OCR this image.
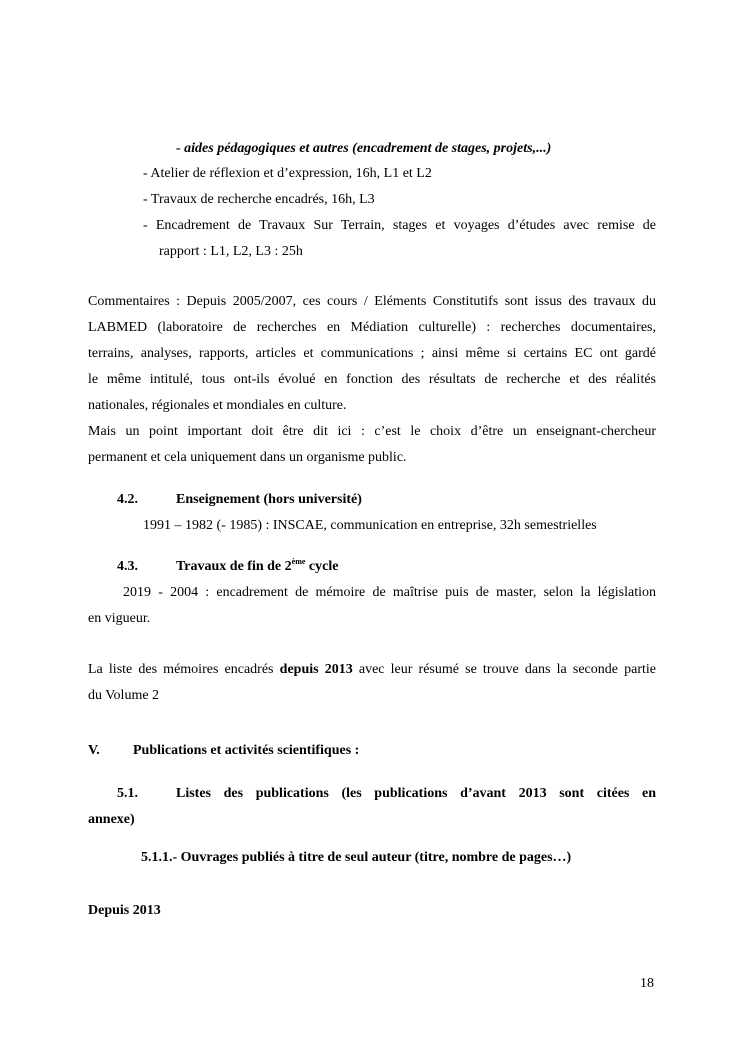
- aides pédagogiques et autres (encadrement de stages, projets,...)
- Atelier de réflexion et d’expression, 16h, L1 et L2
- Travaux de recherche encadrés, 16h, L3
- Encadrement de Travaux Sur Terrain, stages et voyages d’études avec remise de
rapport : L1, L2, L3 : 25h
Commentaires : Depuis 2005/2007, ces cours / Eléments Constitutifs sont issus des travaux du
LABMED (laboratoire de recherches en Médiation culturelle) : recherches documentaires,
terrains, analyses, rapports, articles et communications ; ainsi même si certains EC ont gardé
le même intitulé, tous ont-ils évolué en fonction des résultats de recherche et des réalités
nationales, régionales et mondiales en culture.
Mais un point important doit être dit ici : c’est le choix d’être un enseignant-chercheur
permanent et cela uniquement dans un organisme public.
4.2.	Enseignement (hors université)
1991 – 1982 (- 1985) : INSCAE, communication en entreprise, 32h semestrielles
4.3.	Travaux de fin de 2ème cycle
2019 - 2004 : encadrement de mémoire de maîtrise puis de master, selon la législation
en vigueur.
La liste des mémoires encadrés depuis 2013 avec leur résumé se trouve dans la seconde partie
du Volume 2
V. Publications et activités scientifiques :
5.1.	Listes des publications (les publications d’avant 2013 sont citées en
annexe)
5.1.1.- Ouvrages publiés à titre de seul auteur (titre, nombre de pages…)
Depuis 2013
18
